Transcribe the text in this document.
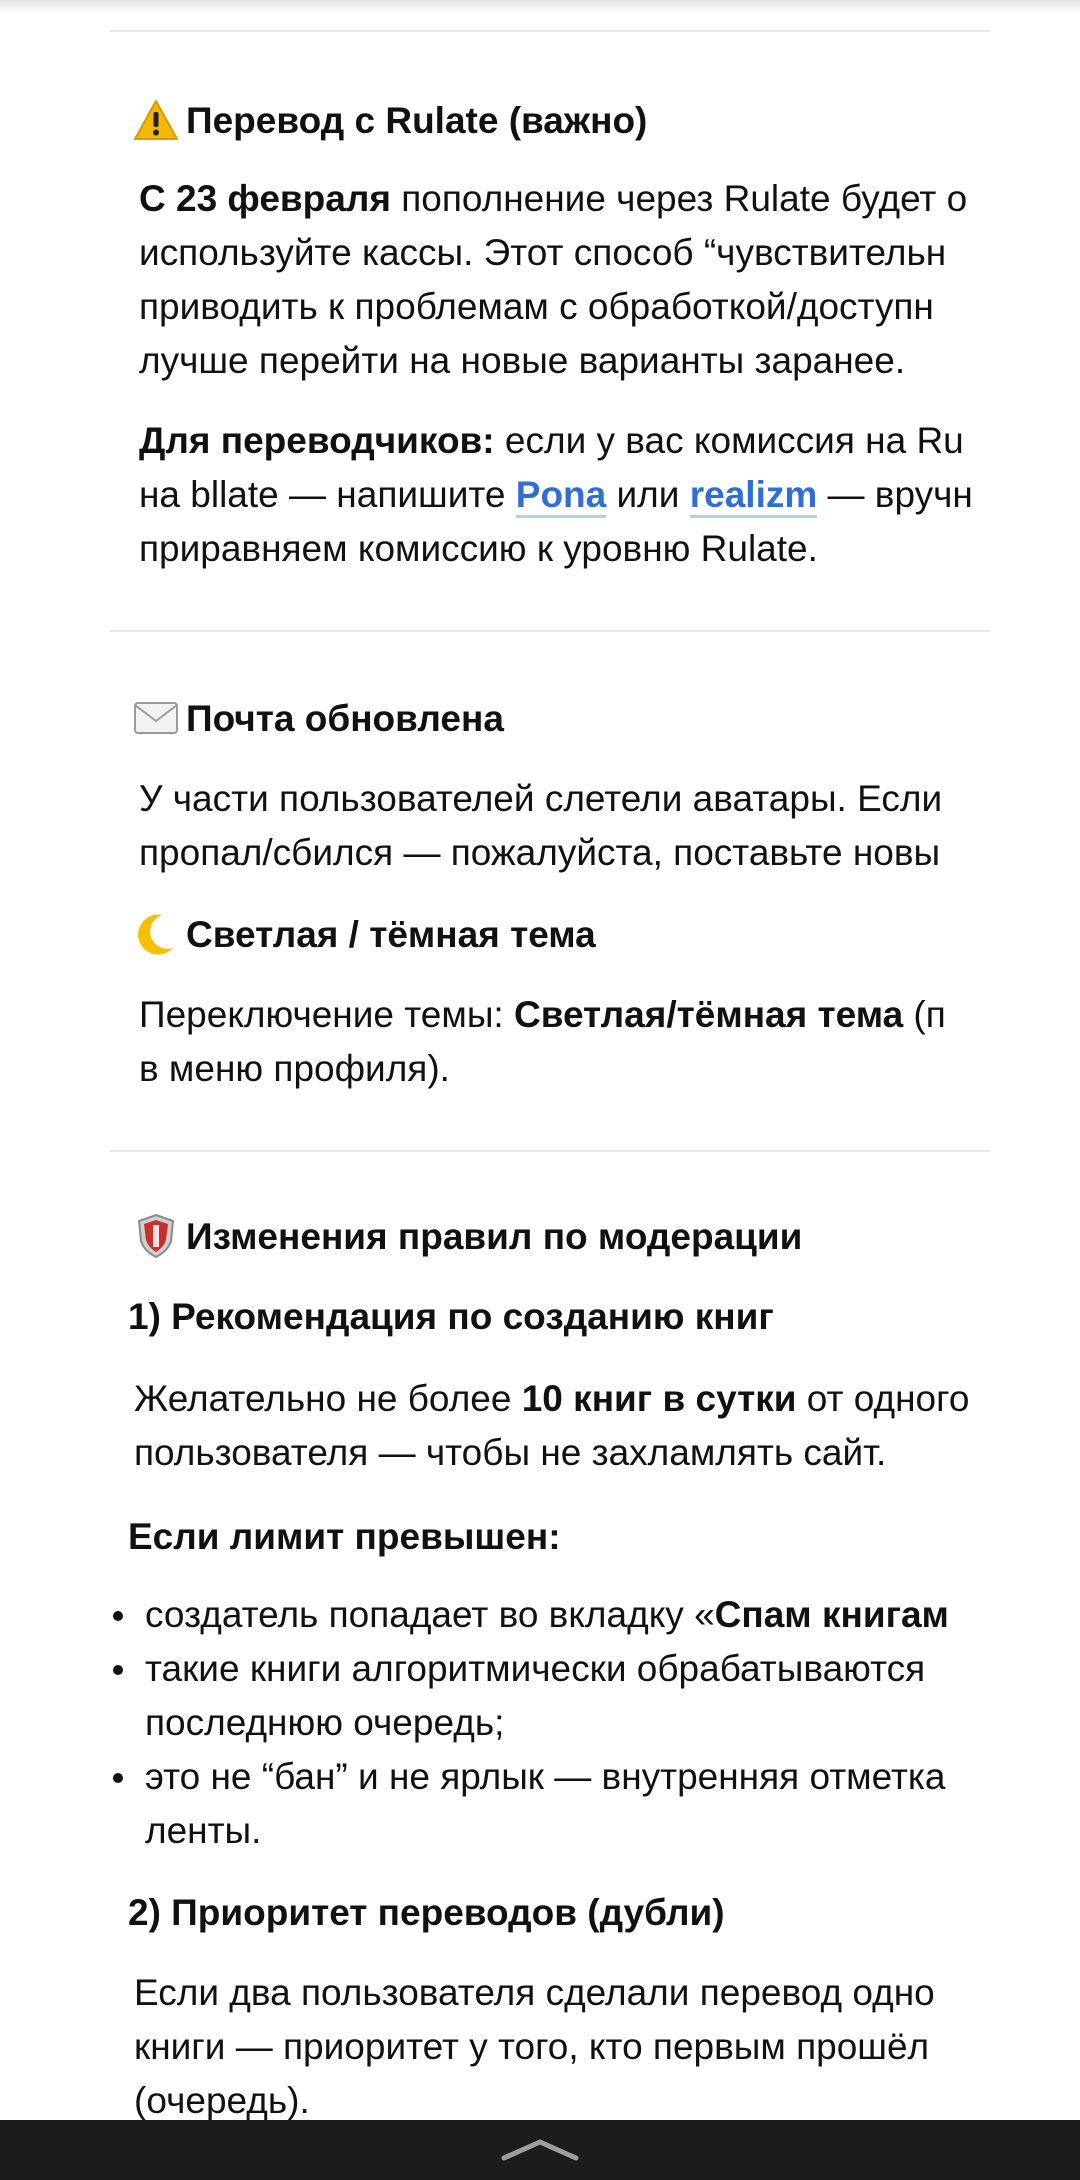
Перевод с Rulate (важно)
С 23 февраля пополнение через Rulate будет о
используйте кассы. Этот способ “чувствительн
приводить к проблемам с обработкой/доступн
лучше перейти на новые варианты заранее.
Для переводчиков: если у вас комиссия на Ru
на bllate — напишите Pona или realizm — вручн
приравняем комиссию к уровню Rulate.
Почта обновлена
У части пользователей слетели аватары. Если
пропал/сбился — пожалуйста, поставьте новы
Светлая / тёмная тема
Переключение темы: Светлая/тёмная тема (п
в меню профиля).
Изменения правил по модерации
1) Рекомендация по созданию книг
Желательно не более 10 книг в сутки от одного
пользователя — чтобы не захламлять сайт.
Если лимит превышен:
создатель попадает во вкладку «Спам книгам
такие книги алгоритмически обрабатываются
последнюю очередь;
это не “бан” и не ярлык — внутренняя отметка
ленты.
2) Приоритет переводов (дубли)
Если два пользователя сделали перевод одно
книги — приоритет у того, кто первым прошёл
(очередь).
